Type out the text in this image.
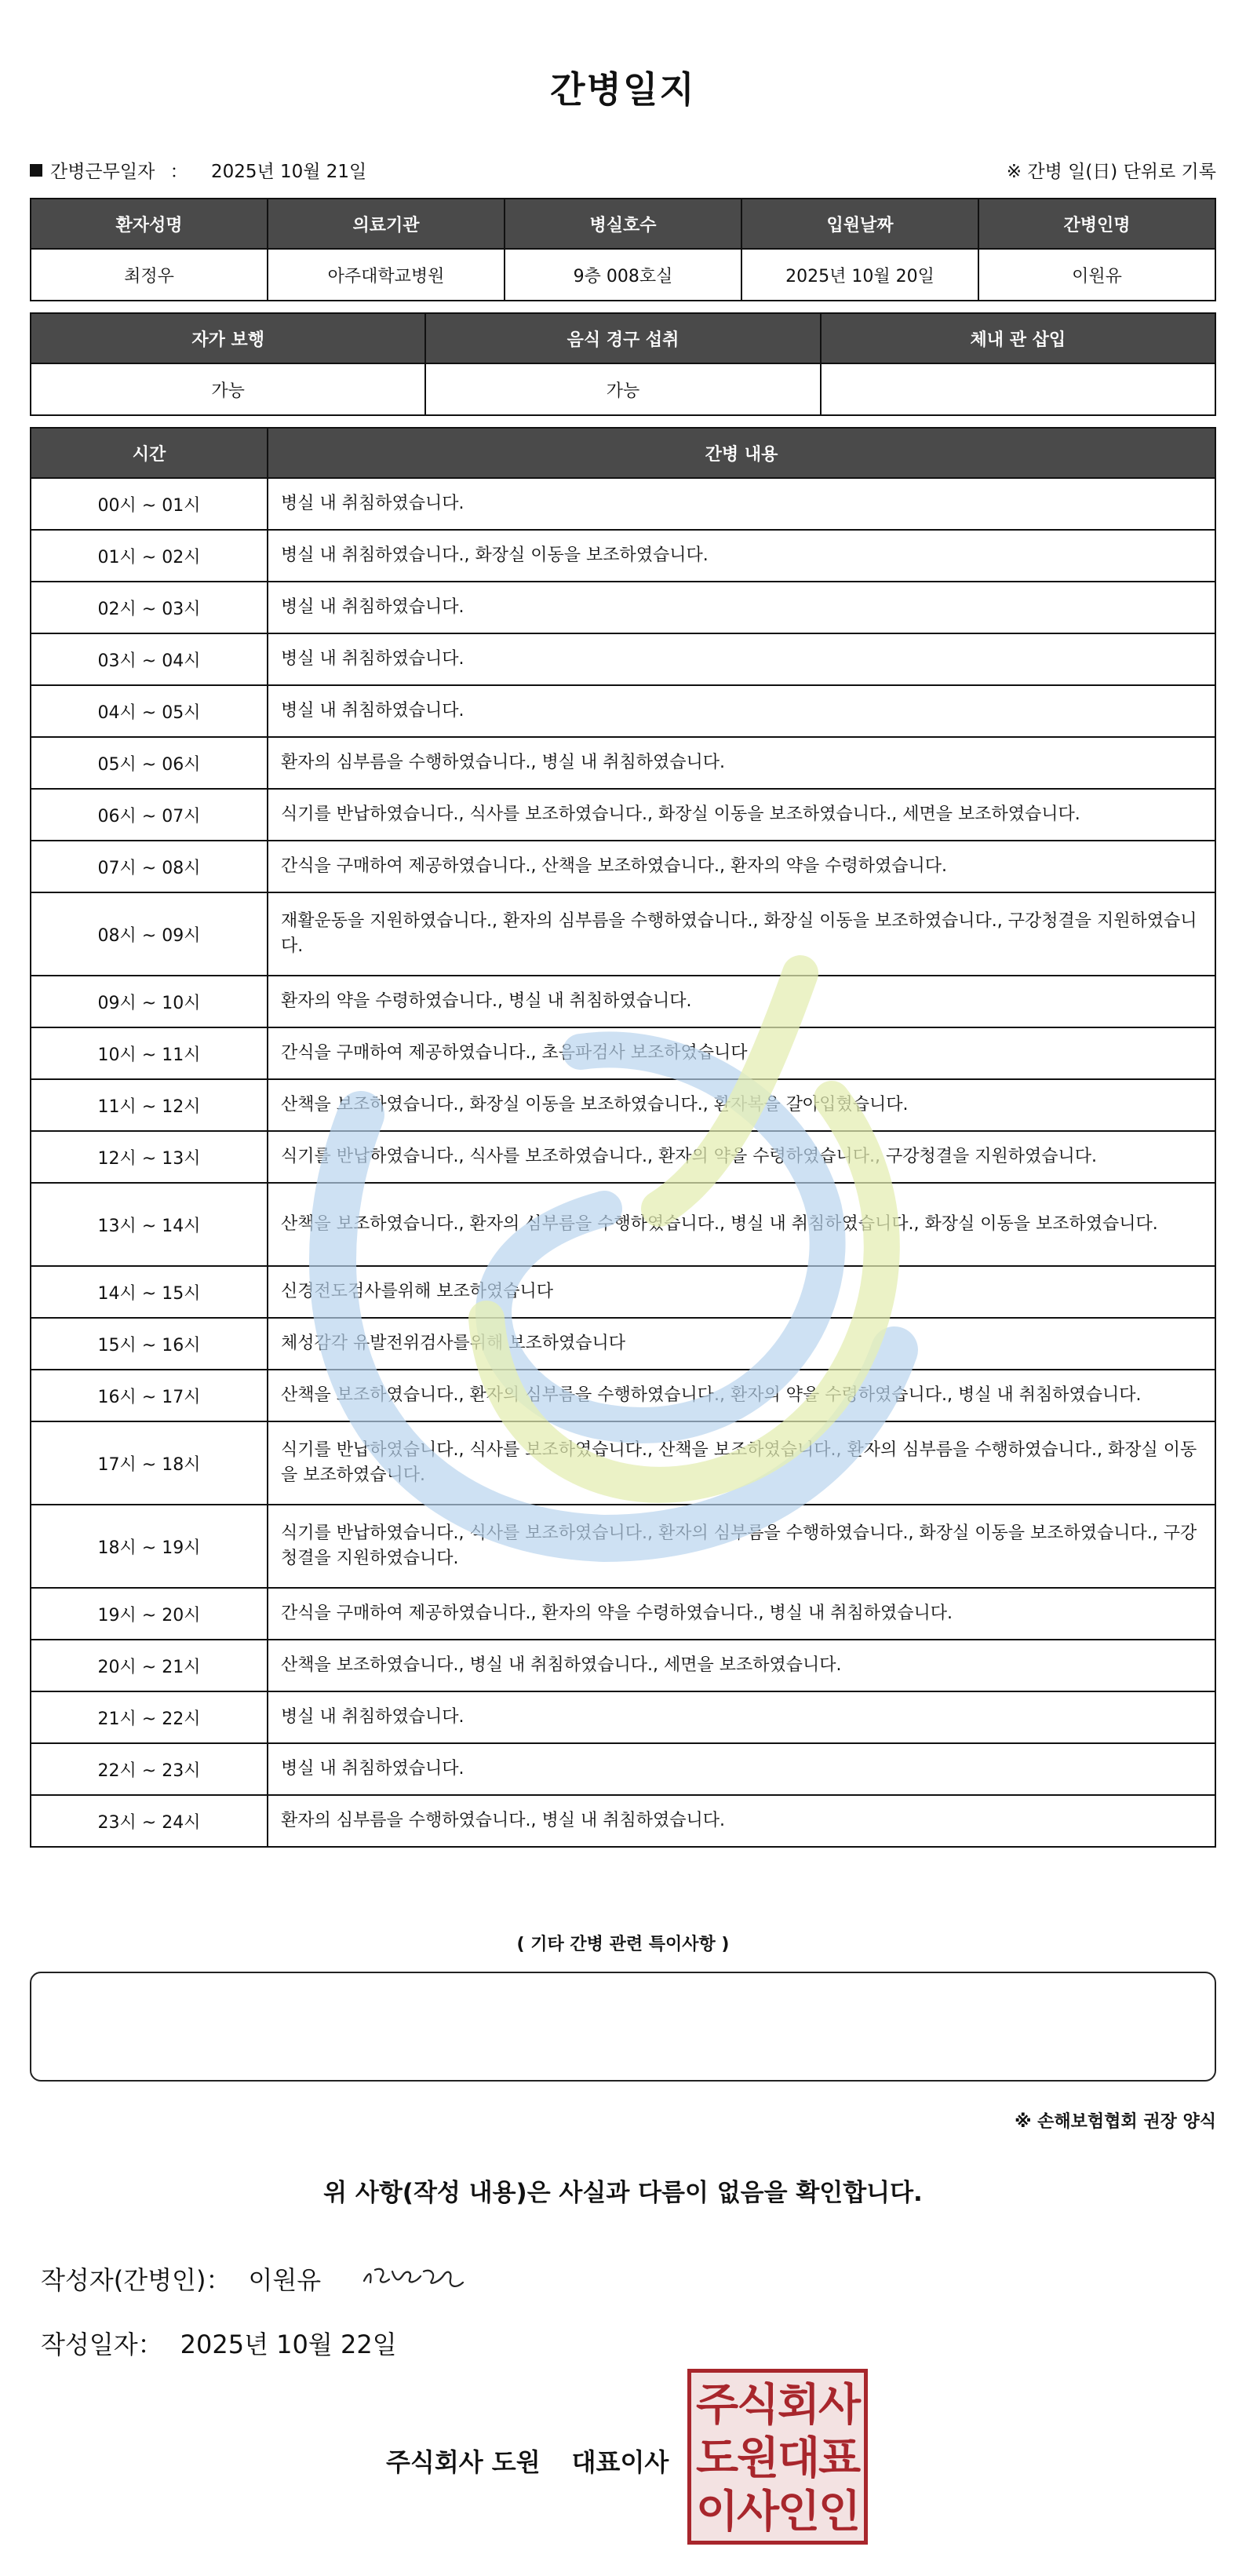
간병일지
간병근무일자 ： 2025년 10월 21일	※ 간병 일(日) 단위로 기록
환자성명	의료기관	병실호수	입원날짜	간병인명
최정우	아주대학교병원	9층 008호실	2025년 10월 20일	이원유
자가 보행	음식 경구 섭취	체내 관 삽입
가능	가능	
시간	간병 내용
00시 ~ 01시	병실 내 취침하였습니다.
01시 ~ 02시	병실 내 취침하였습니다., 화장실 이동을 보조하였습니다.
02시 ~ 03시	병실 내 취침하였습니다.
03시 ~ 04시	병실 내 취침하였습니다.
04시 ~ 05시	병실 내 취침하였습니다.
05시 ~ 06시	환자의 심부름을 수행하였습니다., 병실 내 취침하였습니다.
06시 ~ 07시	식기를 반납하였습니다., 식사를 보조하였습니다., 화장실 이동을 보조하였습니다., 세면을 보조하였습니다.
07시 ~ 08시	간식을 구매하여 제공하였습니다., 산책을 보조하였습니다., 환자의 약을 수령하였습니다.
08시 ~ 09시	재활운동을 지원하였습니다., 환자의 심부름을 수행하였습니다., 화장실 이동을 보조하였습니다., 구강청결을 지원하였습니다.
09시 ~ 10시	환자의 약을 수령하였습니다., 병실 내 취침하였습니다.
10시 ~ 11시	간식을 구매하여 제공하였습니다., 초음파검사 보조하였습니다
11시 ~ 12시	산책을 보조하였습니다., 화장실 이동을 보조하였습니다., 환자복을 갈아입혔습니다.
12시 ~ 13시	식기를 반납하였습니다., 식사를 보조하였습니다., 환자의 약을 수령하였습니다., 구강청결을 지원하였습니다.
13시 ~ 14시	산책을 보조하였습니다., 환자의 심부름을 수행하였습니다., 병실 내 취침하였습니다., 화장실 이동을 보조하였습니다.
14시 ~ 15시	신경전도검사를위해 보조하였습니다
15시 ~ 16시	체성감각 유발전위검사를위해 보조하였습니다
16시 ~ 17시	산책을 보조하였습니다., 환자의 심부름을 수행하였습니다., 환자의 약을 수령하였습니다., 병실 내 취침하였습니다.
17시 ~ 18시	식기를 반납하였습니다., 식사를 보조하였습니다., 산책을 보조하였습니다., 환자의 심부름을 수행하였습니다., 화장실 이동을 보조하였습니다.
18시 ~ 19시	식기를 반납하였습니다., 식사를 보조하였습니다., 환자의 심부름을 수행하였습니다., 화장실 이동을 보조하였습니다., 구강청결을 지원하였습니다.
19시 ~ 20시	간식을 구매하여 제공하였습니다., 환자의 약을 수령하였습니다., 병실 내 취침하였습니다.
20시 ~ 21시	산책을 보조하였습니다., 병실 내 취침하였습니다., 세면을 보조하였습니다.
21시 ~ 22시	병실 내 취침하였습니다.
22시 ~ 23시	병실 내 취침하였습니다.
23시 ~ 24시	환자의 심부름을 수행하였습니다., 병실 내 취침하였습니다.
( 기타 간병 관련 특이사항 )
※ 손해보험협회 권장 양식
위 사항(작성 내용)은 사실과 다름이 없음을 확인합니다.
작성자(간병인)： 이원유
작성일자： 2025년 10월 22일
주식회사 도원 대표이사
주
식
회
사
도
원
대
표
이
사
인
인
